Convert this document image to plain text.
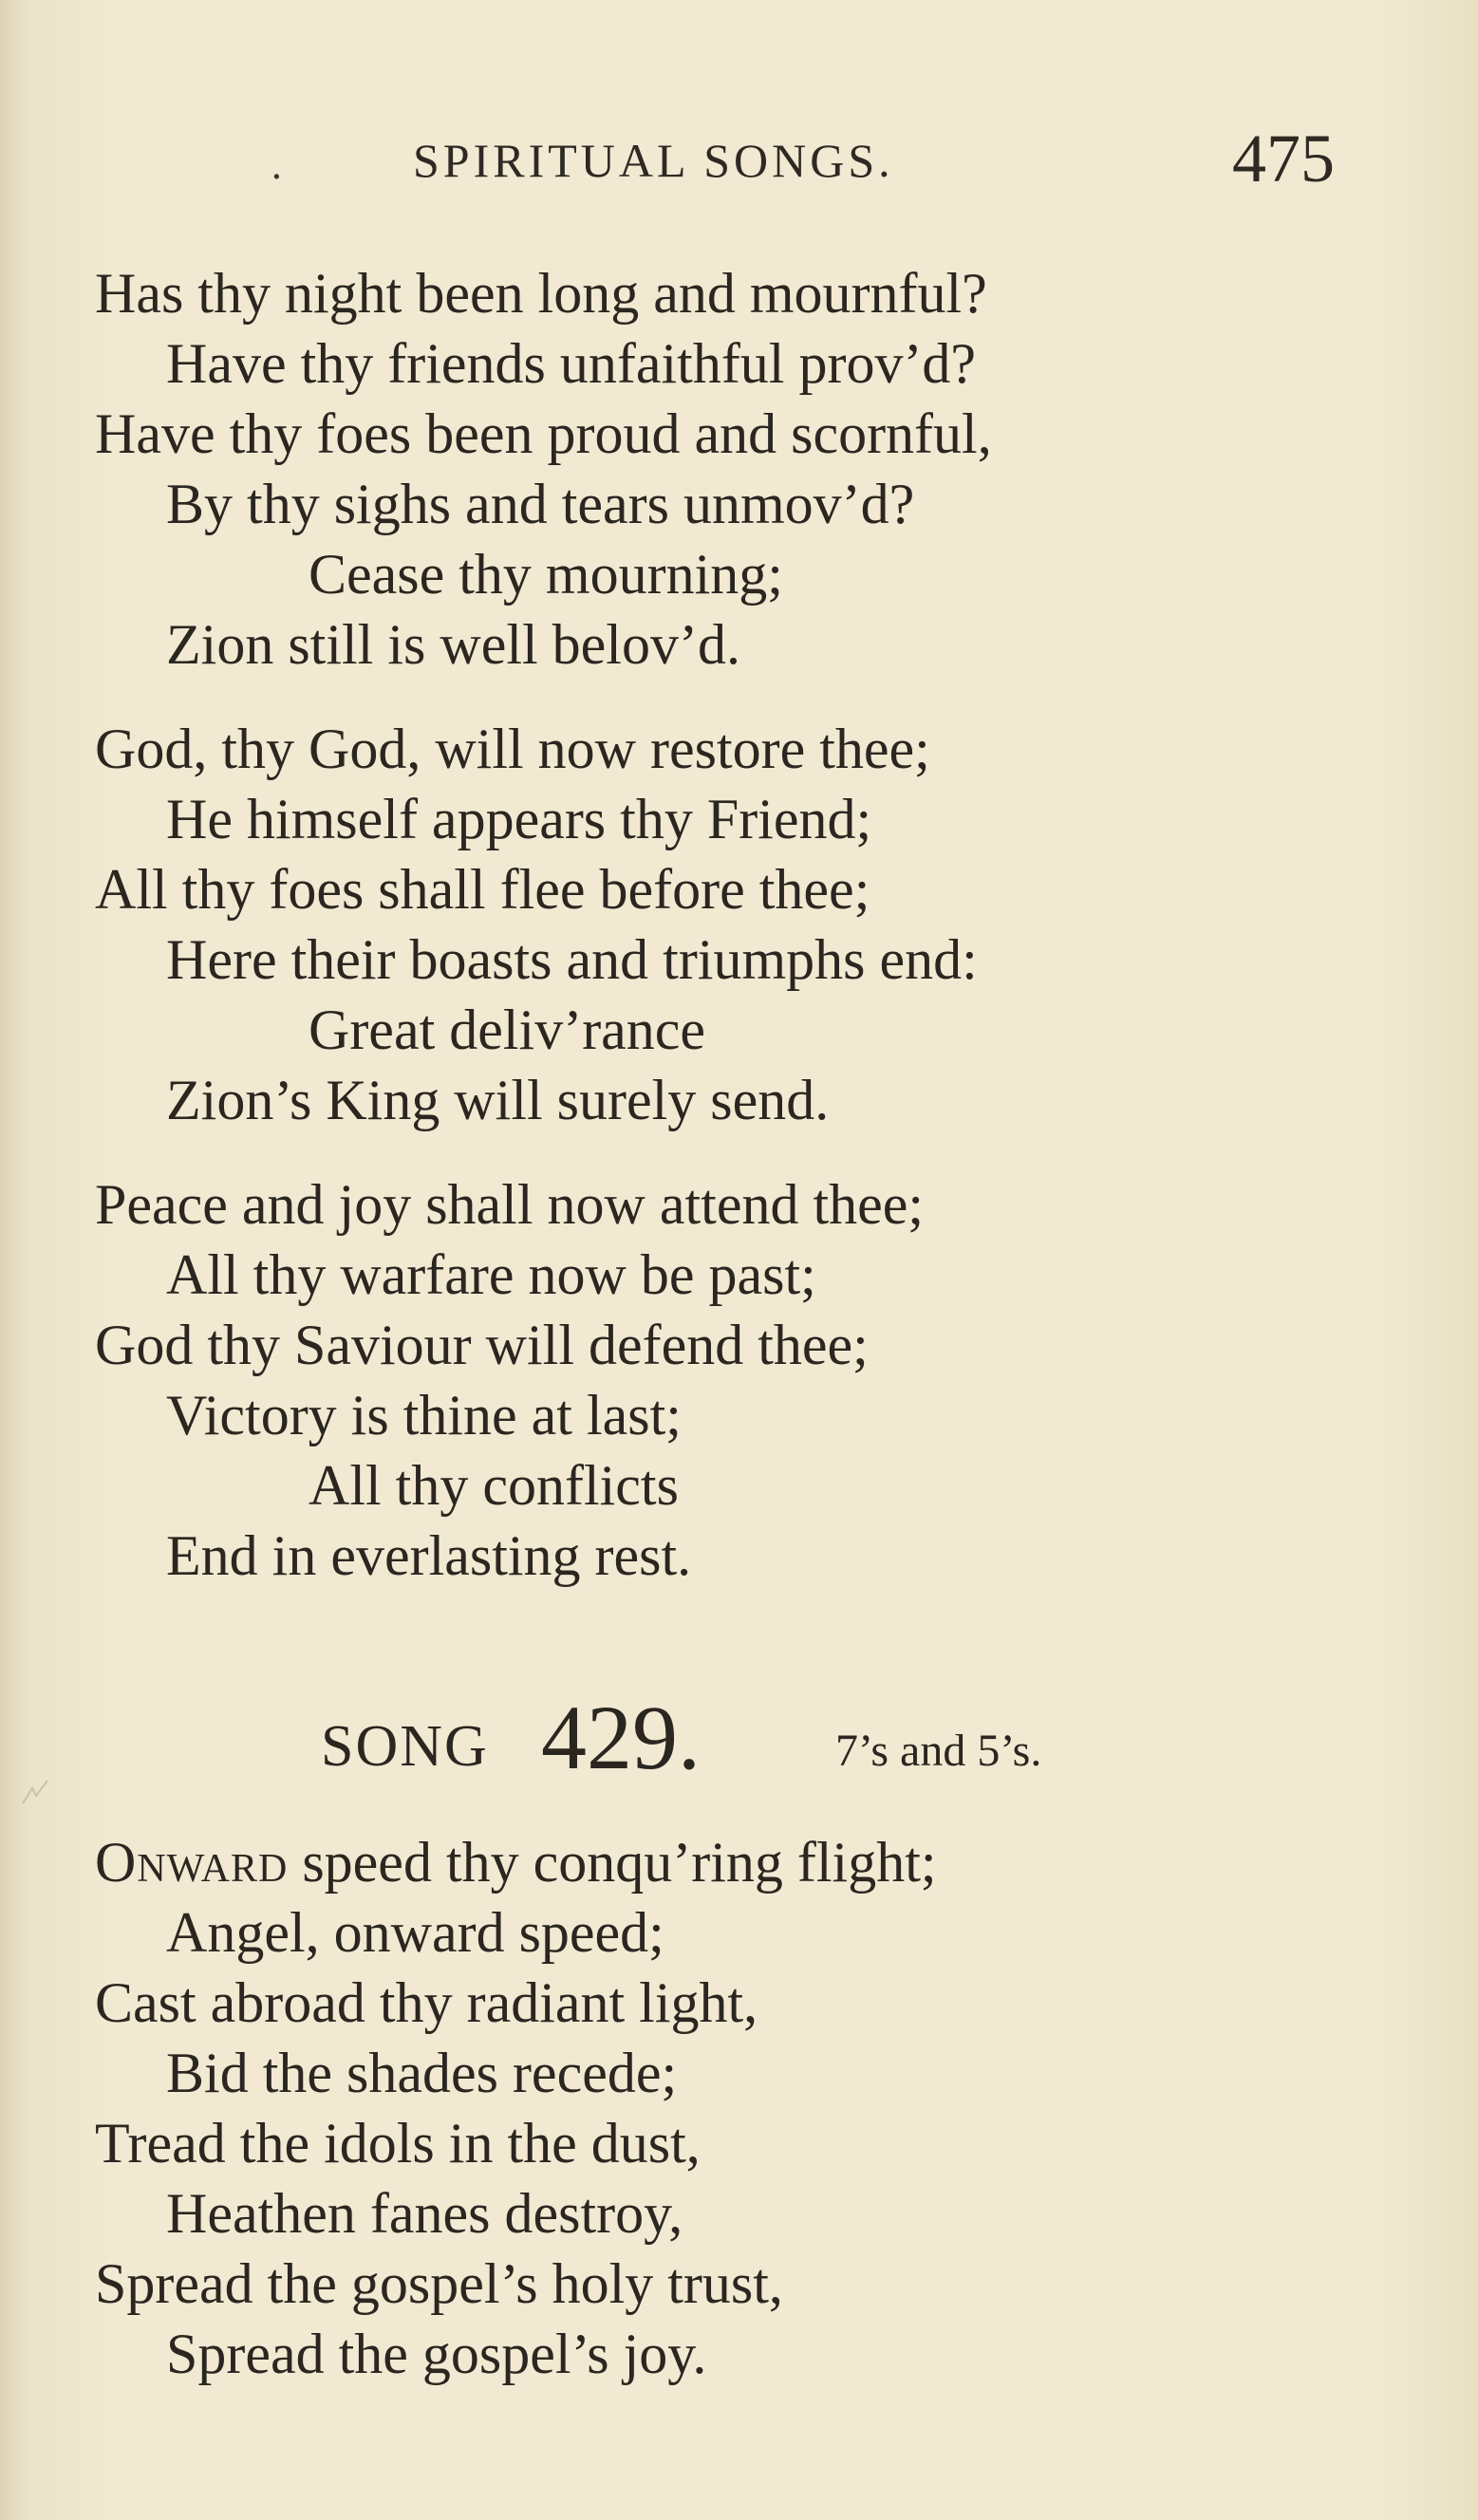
.	SPIRITUAL SONGS.	475
Has thy night been long and mournful?
Have thy friends unfaithful prov’d?
Have thy foes been proud and scornful,
By thy sighs and tears unmov’d?
Cease thy mourning;
Zion still is well belov’d.
God, thy God, will now restore thee;
He himself appears thy Friend;
All thy foes shall flee before thee;
Here their boasts and triumphs end:
Great deliv’rance
Zion’s King will surely send.
Peace and joy shall now attend thee;
All thy warfare now be past;
God thy Saviour will defend thee;
Victory is thine at last;
All thy conflicts
End in everlasting rest.
SONG 429.	7’s and 5’s.
Onward speed thy conqu’ring flight;
Angel, onward speed;
Cast abroad thy radiant light,
Bid the shades recede;
Tread the idols in the dust,
Heathen fanes destroy,
Spread the gospel’s holy trust,
Spread the gospel’s joy.
